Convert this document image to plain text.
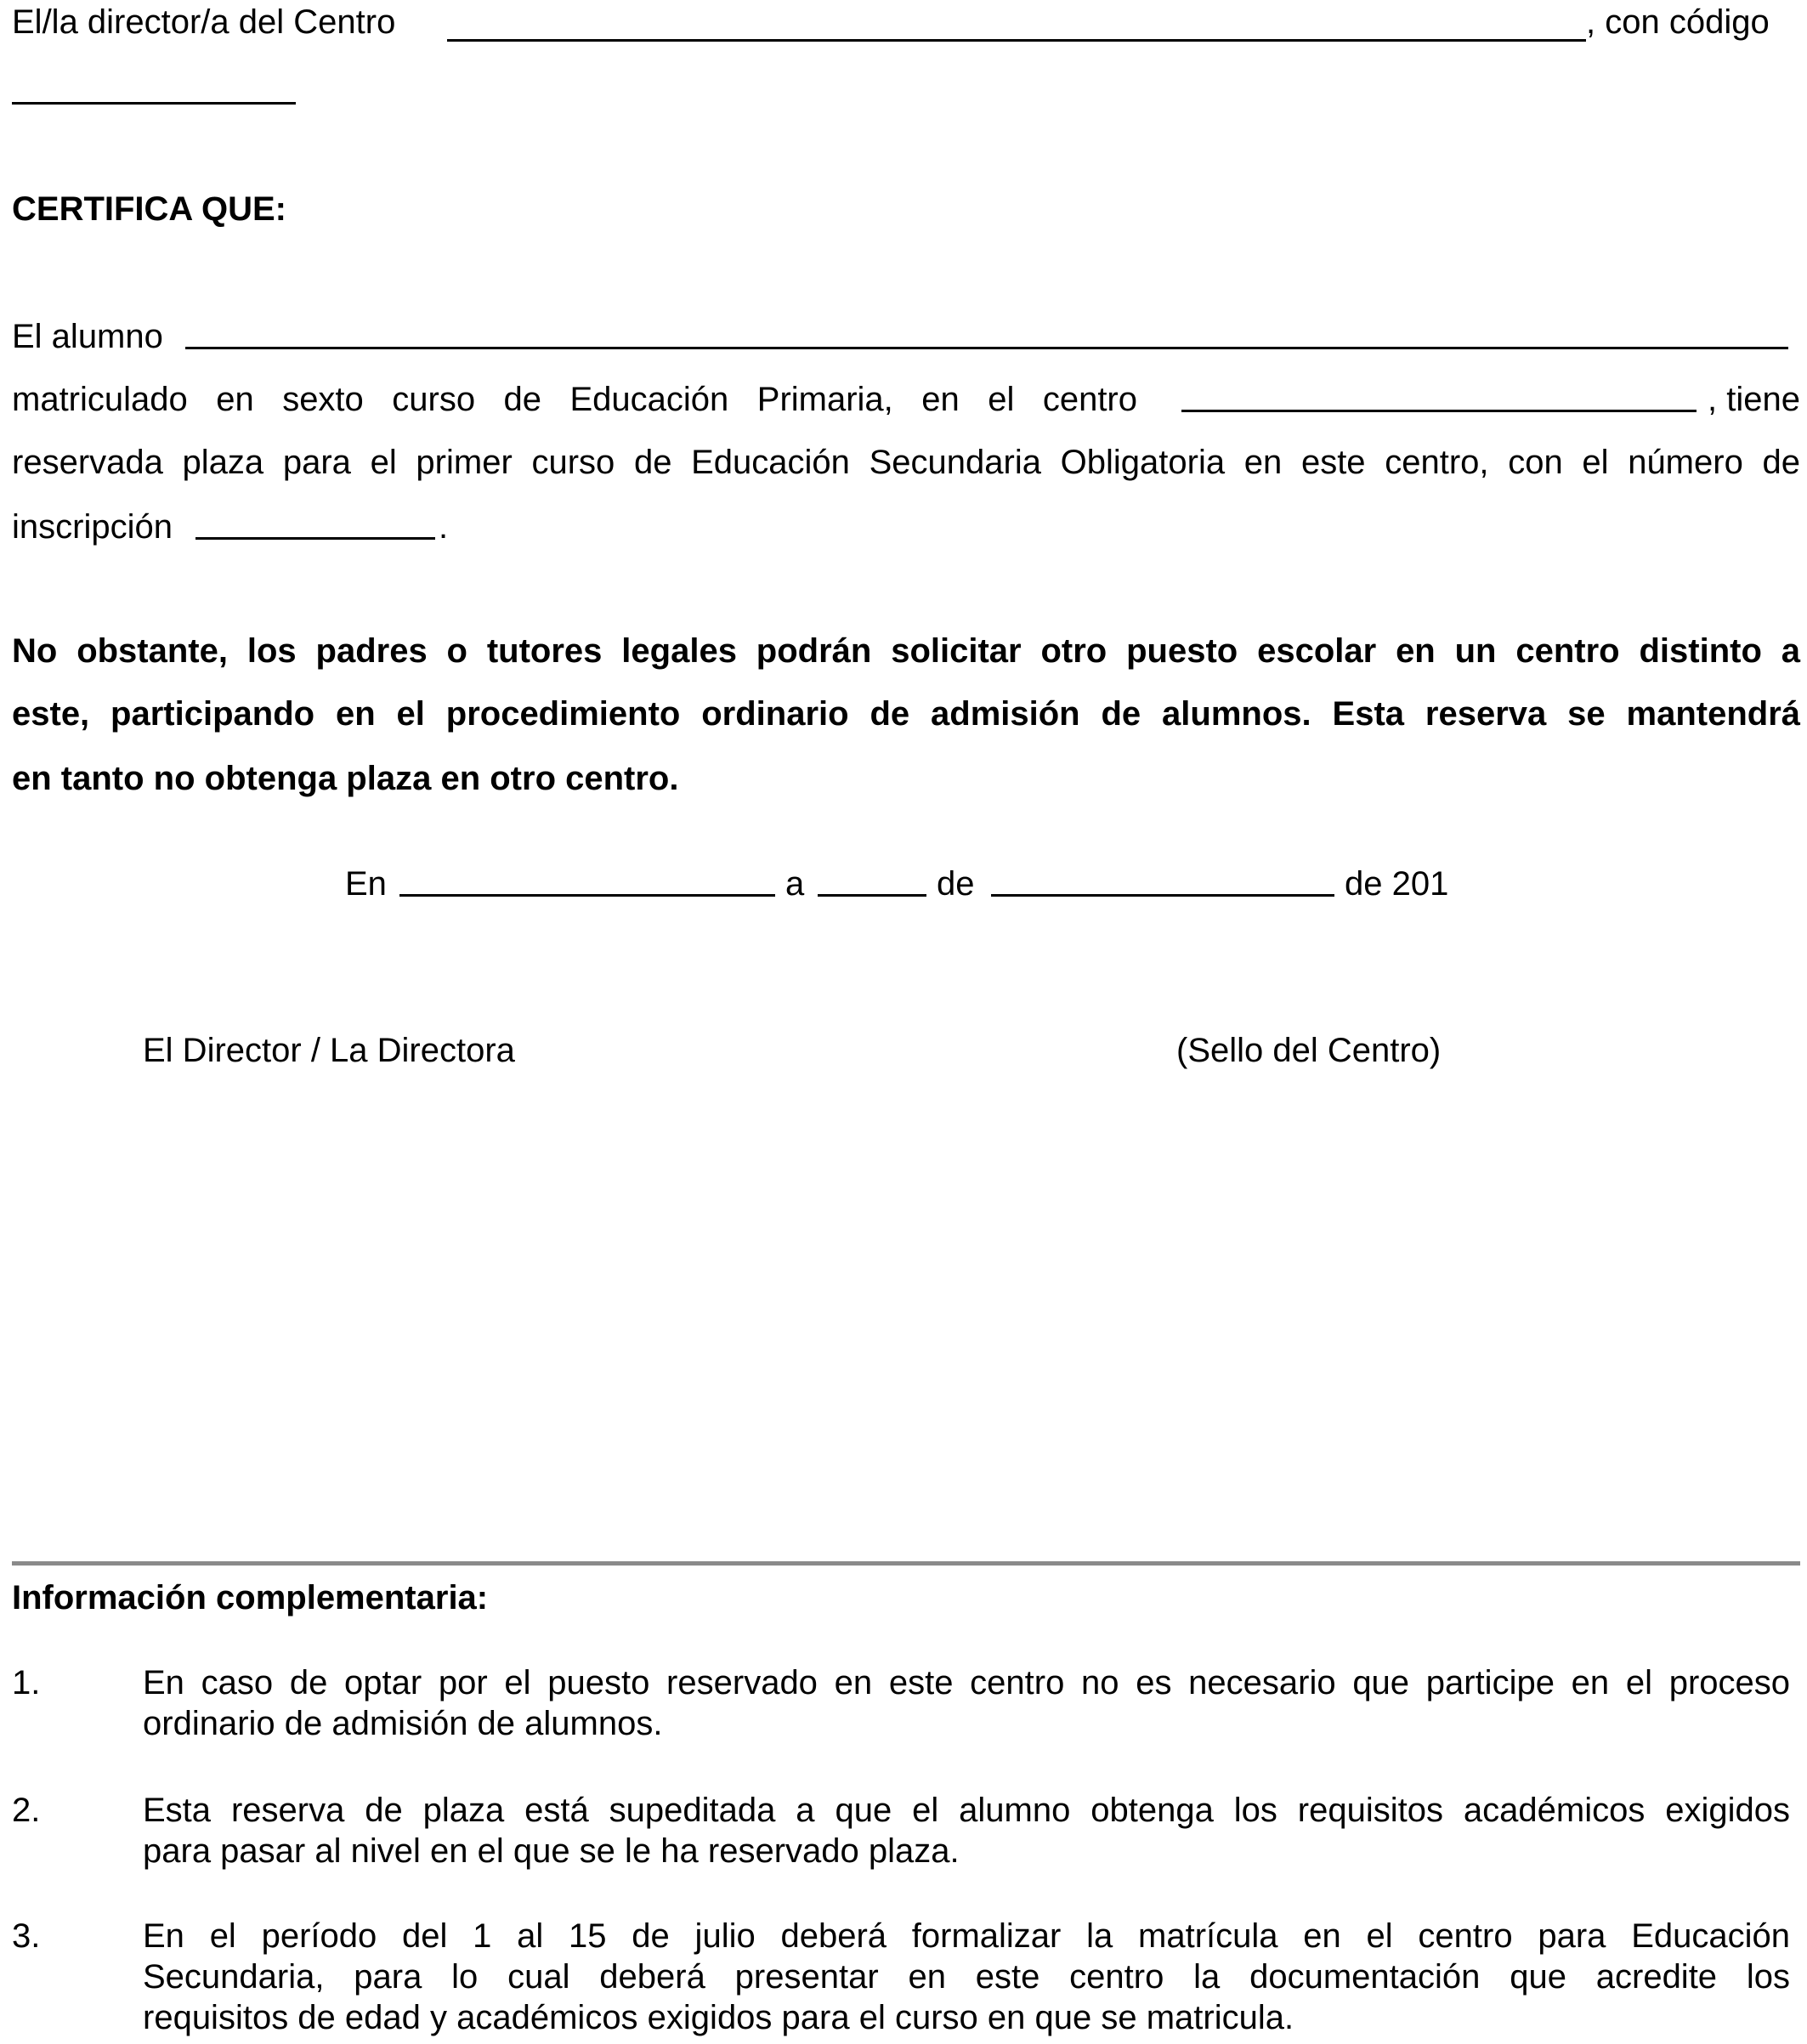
El/la director/a del Centro	, con código
CERTIFICA QUE:
El alumno
matriculado en sexto curso de Educación Primaria, en el centro	, tiene
reservada plaza para el primer curso de Educación Secundaria Obligatoria en este centro, con el número de
inscripción	.
No obstante, los padres o tutores legales podrán solicitar otro puesto escolar en un centro distinto a
este, participando en el procedimiento ordinario de admisión de alumnos. Esta reserva se mantendrá
en tanto no obtenga plaza en otro centro.
En	a	de	de 201
El Director / La Directora	(Sello del Centro)
Información complementaria:
1.	En caso de optar por el puesto reservado en este centro no es necesario que participe en el proceso
ordinario de admisión de alumnos.
2.	Esta reserva de plaza está supeditada a que el alumno obtenga los requisitos académicos exigidos
para pasar al nivel en el que se le ha reservado plaza.
3.	En el período del 1 al 15 de julio deberá formalizar la matrícula en el centro para Educación
Secundaria, para lo cual deberá presentar en este centro la documentación que acredite los
requisitos de edad y académicos exigidos para el curso en que se matricula.
